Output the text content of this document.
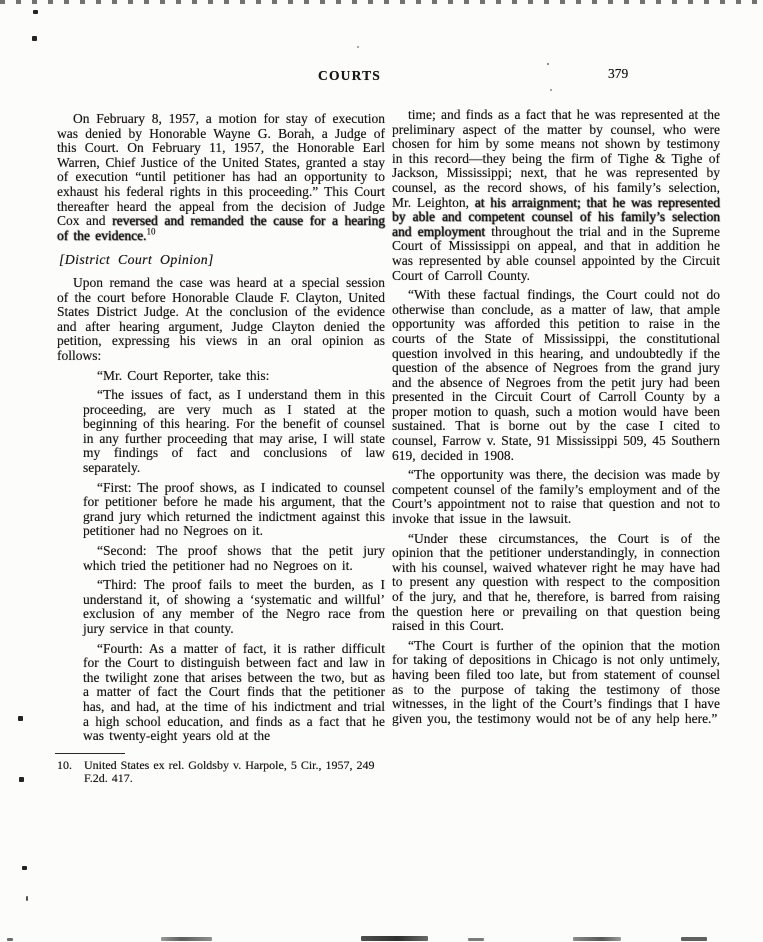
COURTS	379

On February 8, 1957, a motion for stay of execution was denied by Honorable Wayne G. Borah, a Judge of this Court. On February 11, 1957, the Honorable Earl Warren, Chief Justice of the United States, granted a stay of execution “until petitioner has had an opportunity to exhaust his federal rights in this proceeding.” This Court thereafter heard the appeal from the decision of Judge Cox and reversed and remanded the cause for a hearing of the evidence.$^{10}$

[District Court Opinion]

Upon remand the case was heard at a special session of the court before Honorable Claude F. Clayton, United States District Judge. At the conclusion of the evidence and after hearing argument, Judge Clayton denied the petition, expressing his views in an oral opinion as follows:

“Mr. Court Reporter, take this:

“The issues of fact, as I understand them in this proceeding, are very much as I stated at the beginning of this hearing. For the benefit of counsel in any further proceeding that may arise, I will state my findings of fact and conclusions of law separately.

“First: The proof shows, as I indicated to counsel for petitioner before he made his argument, that the grand jury which returned the indictment against this petitioner had no Negroes on it.

“Second: The proof shows that the petit jury which tried the petitioner had no Negroes on it.

“Third: The proof fails to meet the burden, as I understand it, of showing a ‘systematic and willful’ exclusion of any member of the Negro race from jury service in that county.

“Fourth: As a matter of fact, it is rather difficult for the Court to distinguish between fact and law in the twilight zone that arises between the two, but as a matter of fact the Court finds that the petitioner has, and had, at the time of his indictment and trial a high school education, and finds as a fact that he was twenty-eight years old at the

10.	United States ex rel. Goldsby v. Harpole, 5 Cir., 1957, 249 F.2d. 417.

time; and finds as a fact that he was represented at the preliminary aspect of the matter by counsel, who were chosen for him by some means not shown by testimony in this record—they being the firm of Tighe & Tighe of Jackson, Mississippi; next, that he was represented by counsel, as the record shows, of his family’s selection, Mr. Leighton, at his arraignment; that he was represented by able and competent counsel of his family’s selection and employment throughout the trial and in the Supreme Court of Mississippi on appeal, and that in addition he was represented by able counsel appointed by the Circuit Court of Carroll County.

“With these factual findings, the Court could not do otherwise than conclude, as a matter of law, that ample opportunity was afforded this petition to raise in the courts of the State of Mississippi, the constitutional question involved in this hearing, and undoubtedly if the question of the absence of Negroes from the grand jury and the absence of Negroes from the petit jury had been presented in the Circuit Court of Carroll County by a proper motion to quash, such a motion would have been sustained. That is borne out by the case I cited to counsel, Farrow v. State, 91 Mississippi 509, 45 Southern 619, decided in 1908.

“The opportunity was there, the decision was made by competent counsel of the family’s employment and of the Court’s appointment not to raise that question and not to invoke that issue in the lawsuit.

“Under these circumstances, the Court is of the opinion that the petitioner understandingly, in connection with his counsel, waived whatever right he may have had to present any question with respect to the composition of the jury, and that he, therefore, is barred from raising the question here or prevailing on that question being raised in this Court.

“The Court is further of the opinion that the motion for taking of depositions in Chicago is not only untimely, having been filed too late, but from statement of counsel as to the purpose of taking the testimony of those witnesses, in the light of the Court’s findings that I have given you, the testimony would not be of any help here.”
